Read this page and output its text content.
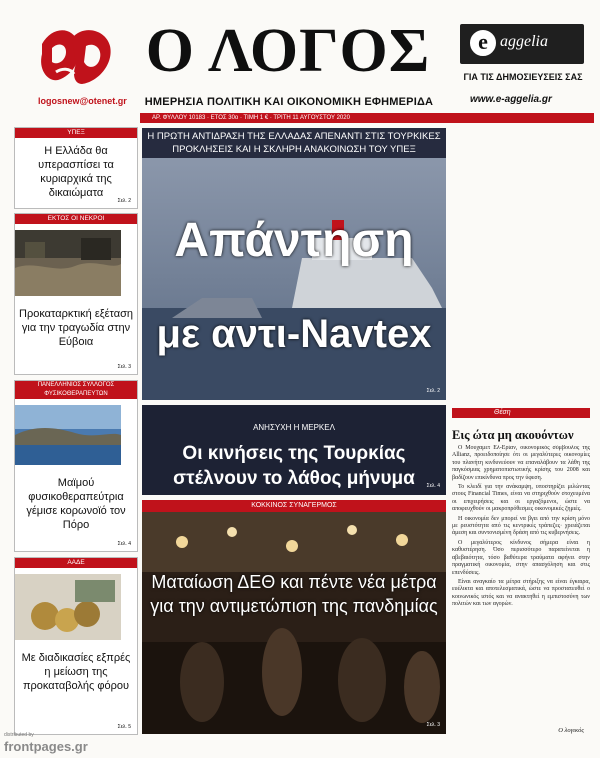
logosnew@otenet.gr
Ο ΛΟΓΟΣ
ΗΜΕΡΗΣΙΑ ΠΟΛΙΤΙΚΗ ΚΑΙ ΟΙΚΟΝΟΜΙΚΗ ΕΦΗΜΕΡΙΔΑ
e aggelia
ΓΙΑ ΤΙΣ ΔΗΜΟΣΙΕΥΣΕΙΣ ΣΑΣ
www.e-aggelia.gr
ΑΡ. ΦΥΛΛΟΥ 10183 · ΕΤΟΣ 30ο · ΤΙΜΗ 1 € · ΤΡΙΤΗ 11 ΑΥΓΟΥΣΤΟΥ 2020
ΥΠΕΞ
Η Ελλάδα θα υπερασπίσει τα κυριαρχικά της δικαιώματα
Σελ. 2
ΕΚΤΟΣ ΟΙ ΝΕΚΡΟΙ
Προκαταρκτική εξέταση για την τραγωδία στην Εύβοια
Σελ. 3
ΠΑΝΕΛΛΗΝΙΟΣ ΣΥΛΛΟΓΟΣ ΦΥΣΙΚΟΘΕΡΑΠΕΥΤΩΝ
Μαϊμού φυσικοθεραπεύτρια γέμισε κορωνοϊό τον Πόρο
Σελ. 4
ΑΑΔΕ
Με διαδικασίες εξπρές η μείωση της προκαταβολής φόρου
Σελ. 5
Η ΠΡΩΤΗ ΑΝΤΙΔΡΑΣΗ ΤΗΣ ΕΛΛΑΔΑΣ ΑΠΕΝΑΝΤΙ ΣΤΙΣ ΤΟΥΡΚΙΚΕΣ ΠΡΟΚΛΗΣΕΙΣ ΚΑΙ Η ΣΚΛΗΡΗ ΑΝΑΚΟΙΝΩΣΗ ΤΟΥ ΥΠΕΞ
Απάντηση
με αντι-Navtex
Σελ. 2
ΑΝΗΣΥΧΗ Η ΜΕΡΚΕΛ
Οι κινήσεις της Τουρκίας στέλνουν το λάθος μήνυμα	Σελ. 4
ΚΟΚΚΙΝΟΣ ΣΥΝΑΓΕΡΜΟΣ
Ματαίωση ΔΕΘ και πέντε νέα μέτρα για την αντιμετώπιση της πανδημίας
Σελ. 3
Θέση
Εις ώτα μη ακουόντων

Ο Μουχαμετ Ελ-Ερίαν, οικονομικός σύμβουλος της Allianz, προειδοποίησε ότι οι μεγαλύτερες οικονομίες του πλανήτη κινδυνεύουν να επαναλάβουν τα λάθη της παγκόσμιας χρηματοπιστωτικής κρίσης του 2008 και βαδίζουν επικίνδυνα προς την ύφεση.

Το κλειδί για την ανάκαμψη, υποστηρίζει μιλώντας στους Financial Times, είναι να στηριχθούν στοχευμένα οι επιχειρήσεις και οι εργαζόμενοι, ώστε να αποφευχθούν οι μακροπρόθεσμες οικονομικές ζημιές.

Η οικονομία δεν μπορεί να βγει από την κρίση μόνο με ρευστότητα από τις κεντρικές τράπεζες· χρειάζεται άμεση και συντονισμένη δράση από τις κυβερνήσεις.

Ο μεγαλύτερος κίνδυνος σήμερα είναι η καθυστέρηση. Όσο περισσότερο παρατείνεται η αβεβαιότητα, τόσο βαθύτερα τραύματα αφήνει στην πραγματική οικονομία, στην απασχόληση και στις επενδύσεις.

Είναι αναγκαίο τα μέτρα στήριξης να είναι έγκαιρα, ευέλικτα και αποτελεσματικά, ώστε να προστατευθεί ο κοινωνικός ιστός και να ανακτηθεί η εμπιστοσύνη των πολιτών και των αγορών.

Ο λογικός
distributed by
frontpages.gr
